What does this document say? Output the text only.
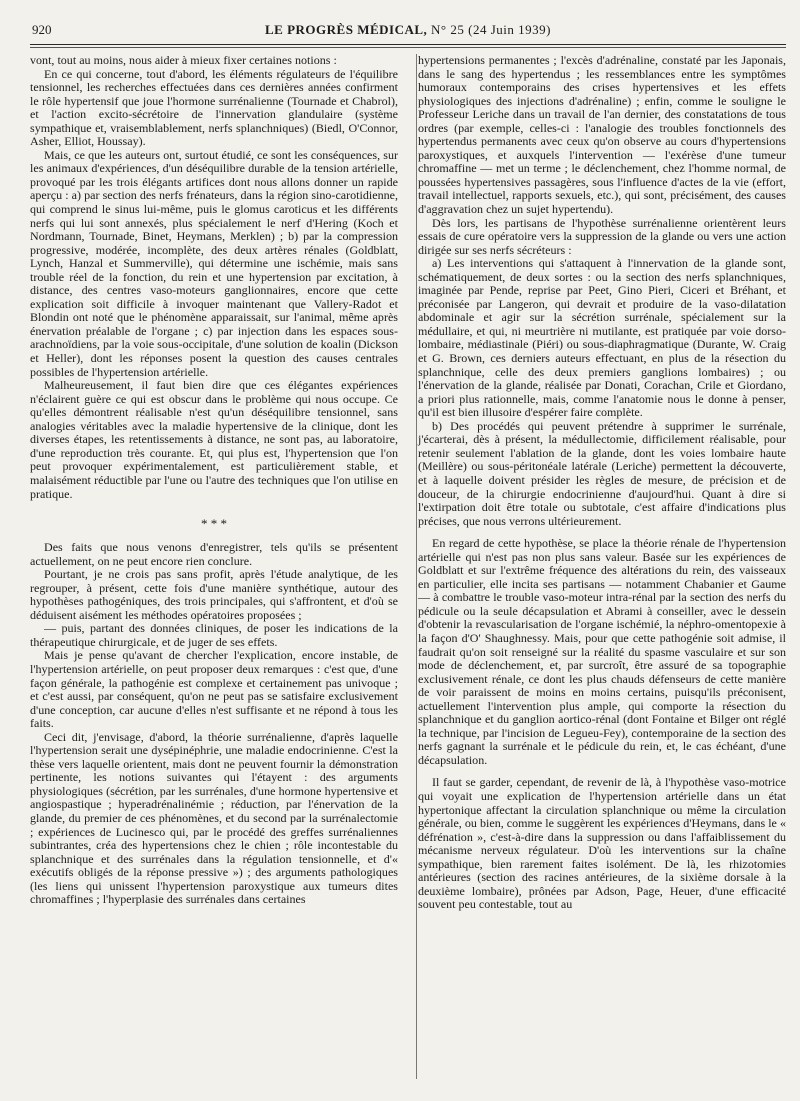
920	LE PROGRÈS MÉDICAL, N° 25 (24 Juin 1939)

vont, tout au moins, nous aider à mieux fixer certaines notions :

En ce qui concerne, tout d'abord, les éléments régulateurs de l'équilibre tensionnel, les recherches effectuées dans ces dernières années confirment le rôle hypertensif que joue l'hormone surrénalienne (Tournade et Chabrol), et l'action excito-sécrétoire de l'innervation glandulaire (système sympathique et, vraisemblablement, nerfs splanchniques) (Biedl, O'Connor, Asher, Elliot, Houssay).

Mais, ce que les auteurs ont, surtout étudié, ce sont les conséquences, sur les animaux d'expériences, d'un déséquilibre durable de la tension artérielle, provoqué par les trois élégants artifices dont nous allons donner un rapide aperçu : a) par section des nerfs frénateurs, dans la région sino-carotidienne, qui comprend le sinus lui-même, puis le glomus caroticus et les différents nerfs qui lui sont annexés, plus spécialement le nerf d'Hering (Koch et Nordmann, Tournade, Binet, Heymans, Merklen) ; b) par la compression progressive, modérée, incomplète, des deux artères rénales (Goldblatt, Lynch, Hanzal et Summerville), qui détermine une ischémie, mais sans trouble réel de la fonction, du rein et une hypertension par excitation, à distance, des centres vaso-moteurs ganglionnaires, encore que cette explication soit difficile à invoquer maintenant que Vallery-Radot et Blondin ont noté que le phénomène apparaissait, sur l'animal, même après énervation préalable de l'organe ; c) par injection dans les espaces sous-arachnoïdiens, par la voie sous-occipitale, d'une solution de koalin (Dickson et Heller), dont les réponses posent la question des causes centrales possibles de l'hypertension artérielle.

Malheureusement, il faut bien dire que ces élégantes expériences n'éclairent guère ce qui est obscur dans le problème qui nous occupe. Ce qu'elles démontrent réalisable n'est qu'un déséquilibre tensionnel, sans analogies véritables avec la maladie hypertensive de la clinique, dont les diverses étapes, les retentissements à distance, ne sont pas, au laboratoire, d'une reproduction très courante. Et, qui plus est, l'hypertension que l'on peut provoquer expérimentalement, est particulièrement stable, et malaisément réductible par l'une ou l'autre des techniques que l'on utilise en pratique.

* * *

Des faits que nous venons d'enregistrer, tels qu'ils se présentent actuellement, on ne peut encore rien conclure.

Pourtant, je ne crois pas sans profit, après l'étude analytique, de les regrouper, à présent, cette fois d'une manière synthétique, autour des hypothèses pathogéniques, des trois principales, qui s'affrontent, et d'où se déduisent aisément les méthodes opératoires proposées ;

— puis, partant des données cliniques, de poser les indications de la thérapeutique chirurgicale, et de juger de ses effets.

Mais je pense qu'avant de chercher l'explication, encore instable, de l'hypertension artérielle, on peut proposer deux remarques : c'est que, d'une façon générale, la pathogénie est complexe et certainement pas univoque ; et c'est aussi, par conséquent, qu'on ne peut pas se satisfaire exclusivement d'une conception, car aucune d'elles n'est suffisante et ne répond à tous les faits.

Ceci dit, j'envisage, d'abord, la théorie surrénalienne, d'après laquelle l'hypertension serait une dysépinéphrie, une maladie endocrinienne. C'est la thèse vers laquelle orientent, mais dont ne peuvent fournir la démonstration pertinente, les notions suivantes qui l'étayent : des arguments physiologiques (sécrétion, par les surrénales, d'une hormone hypertensive et angiospastique ; hyperadrénalinémie ; réduction, par l'énervation de la glande, du premier de ces phénomènes, et du second par la surrénalectomie ; expériences de Lucinesco qui, par le procédé des greffes surrénaliennes subintrantes, créa des hypertensions chez le chien ; rôle incontestable du splanchnique et des surrénales dans la régulation tensionnelle, et d'« exécutifs obligés de la réponse pressive ») ; des arguments pathologiques (les liens qui unissent l'hypertension paroxystique aux tumeurs dites chromaffines ; l'hyperplasie des surrénales dans certaines

hypertensions permanentes ; l'excès d'adrénaline, constaté par les Japonais, dans le sang des hypertendus ; les ressemblances entre les symptômes humoraux contemporains des crises hypertensives et les effets physiologiques des injections d'adrénaline) ; enfin, comme le souligne le Professeur Leriche dans un travail de l'an dernier, des constatations de tous ordres (par exemple, celles-ci : l'analogie des troubles fonctionnels des hypertendus permanents avec ceux qu'on observe au cours d'hypertensions paroxystiques, et auxquels l'intervention — l'exérèse d'une tumeur chromaffine — met un terme ; le déclenchement, chez l'homme normal, de poussées hypertensives passagères, sous l'influence d'actes de la vie (effort, travail intellectuel, rapports sexuels, etc.), qui sont, précisément, des causes d'aggravation chez un sujet hypertendu).

Dès lors, les partisans de l'hypothèse surrénalienne orientèrent leurs essais de cure opératoire vers la suppression de la glande ou vers une action dirigée sur ses nerfs sécréteurs :

a) Les interventions qui s'attaquent à l'innervation de la glande sont, schématiquement, de deux sortes : ou la section des nerfs splanchniques, imaginée par Pende, reprise par Peet, Gino Pieri, Ciceri et Bréhant, et préconisée par Langeron, qui devrait et produire de la vaso-dilatation abdominale et agir sur la sécrétion surrénale, spécialement sur la médullaire, et qui, ni meurtrière ni mutilante, est pratiquée par voie dorso-lombaire, médiastinale (Piéri) ou sous-diaphragmatique (Durante, W. Craig et G. Brown, ces derniers auteurs effectuant, en plus de la résection du splanchnique, celle des deux premiers ganglions lombaires) ; ou l'énervation de la glande, réalisée par Donati, Corachan, Crile et Giordano, a priori plus rationnelle, mais, comme l'anatomie nous le donne à penser, qu'il est bien illusoire d'espérer faire complète.

b) Des procédés qui peuvent prétendre à supprimer le surrénale, j'écarterai, dès à présent, la médullectomie, difficilement réalisable, pour retenir seulement l'ablation de la glande, dont les voies lombaire haute (Meillère) ou sous-péritonéale latérale (Leriche) permettent la découverte, et à laquelle doivent présider les règles de mesure, de précision et de douceur, de la chirurgie endocrinienne d'aujourd'hui. Quant à dire si l'extirpation doit être totale ou subtotale, c'est affaire d'indications plus précises, que nous verrons ultérieurement.

En regard de cette hypothèse, se place la théorie rénale de l'hypertension artérielle qui n'est pas non plus sans valeur. Basée sur les expériences de Goldblatt et sur l'extrême fréquence des altérations du rein, des vaisseaux en particulier, elle incita ses partisans — notamment Chabanier et Gaume — à combattre le trouble vaso-moteur intra-rénal par la section des nerfs du pédicule ou la seule décapsulation et Abrami à conseiller, avec le dessein d'obtenir la revascularisation de l'organe ischémié, la néphro-omentopexie à la façon d'O' Shaughnessy. Mais, pour que cette pathogénie soit admise, il faudrait qu'on soit renseigné sur la réalité du spasme vasculaire et sur son mode de déclenchement, et, par surcroît, être assuré de sa topographie exclusivement rénale, ce dont les plus chauds défenseurs de cette manière de voir paraissent de moins en moins certains, puisqu'ils préconisent, actuellement l'intervention plus ample, qui comporte la résection du splanchnique et du ganglion aortico-rénal (dont Fontaine et Bilger ont réglé la technique, par l'incision de Legueu-Fey), contemporaine de la section des nerfs gagnant la surrénale et le pédicule du rein, et, le cas échéant, d'une décapsulation.

Il faut se garder, cependant, de revenir de là, à l'hypothèse vaso-motrice qui voyait une explication de l'hypertension artérielle dans un état hypertonique affectant la circulation splanchnique ou même la circulation générale, ou bien, comme le suggèrent les expériences d'Heymans, dans le « défrénation », c'est-à-dire dans la suppression ou dans l'affaiblissement du mécanisme nerveux régulateur. D'où les interventions sur la chaîne sympathique, bien rarement faites isolément. De là, les rhizotomies antérieures (section des racines antérieures, de la sixième dorsale à la deuxième lombaire), prônées par Adson, Page, Heuer, d'une efficacité souvent peu contestable, tout au
